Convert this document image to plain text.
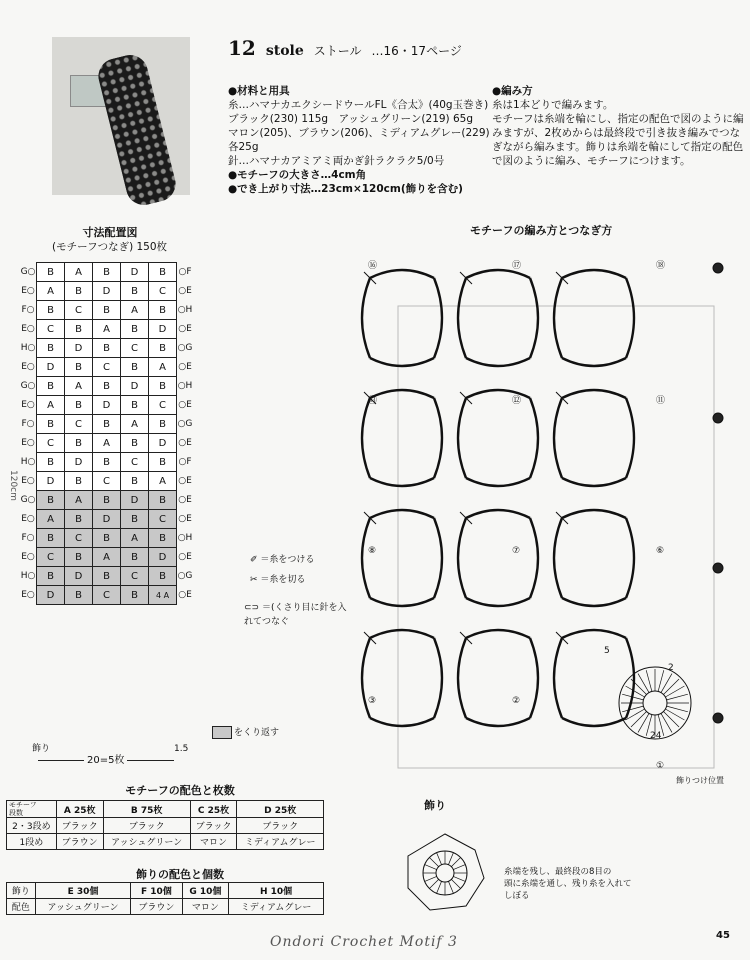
12 stole ストール …16・17ページ
●材料と用具
糸…ハマナカエクシードウールFL《合太》(40g玉巻き)
ブラック(230) 115g　アッシュグリーン(219) 65g
マロン(205)、ブラウン(206)、ミディアムグレー(229)
各25g
針…ハマナカアミアミ両かぎ針ラクラク5/0号
●モチーフの大きさ…4cm角
●でき上がり寸法…23cm×120cm(飾りを含む)
●編み方
糸は1本どりで編みます。
モチーフは糸端を輪にし、指定の配色で図のように編
みますが、2枚めからは最終段で引き抜き編みでつな
ぎながら編みます。飾りは糸端を輪にして指定の配色
で図のように編み、モチーフにつけます。
寸法配置図
(モチーフつなぎ) 150枚
120cm
G○	B	A	B	D	B	○F
E○	A	B	D	B	C	○E
F○	B	C	B	A	B	○H
E○	C	B	A	B	D	○E
H○	B	D	B	C	B	○G
E○	D	B	C	B	A	○E
G○	B	A	B	D	B	○H
E○	A	B	D	B	C	○E
F○	B	C	B	A	B	○G
E○	C	B	A	B	D	○E
H○	B	D	B	C	B	○F
E○	D	B	C	B	A	○E
G○	B	A	B	D	B	○E
E○	A	B	D	B	C	○E
F○	B	C	B	A	B	○H
E○	C	B	A	B	D	○E
H○	B	D	B	C	B	○G
E○	D	B	C	B	4 A	○E
飾り	1.5
20=5枚
をくり返す
✐ ＝糸をつける
✂ ＝糸を切る
⊂⊃ ＝(くさり目に針を入れてつなぐ
モチーフの編み方とつなぎ方
⑯	⑰	⑱
⑬	⑫	⑪
⑧	⑦	⑥
③	②
①
5
24
2
飾りつけ位置
モチーフの配色と枚数
モチーフ
段数	A 25枚	B 75枚	C 25枚	D 25枚
2・3段め	ブラック	ブラック	ブラック	ブラック
1段め	ブラウン	アッシュグリーン	マロン	ミディアムグレー
飾りの配色と個数
飾り	E 30個	F 10個	G 10個	H 10個
配色	アッシュグリーン	ブラウン	マロン	ミディアムグレー
飾り
糸端を残し、最終段の8目の
頭に糸端を通し、残り糸を入れて
しぼる
Ondori Crochet Motif 3	45
